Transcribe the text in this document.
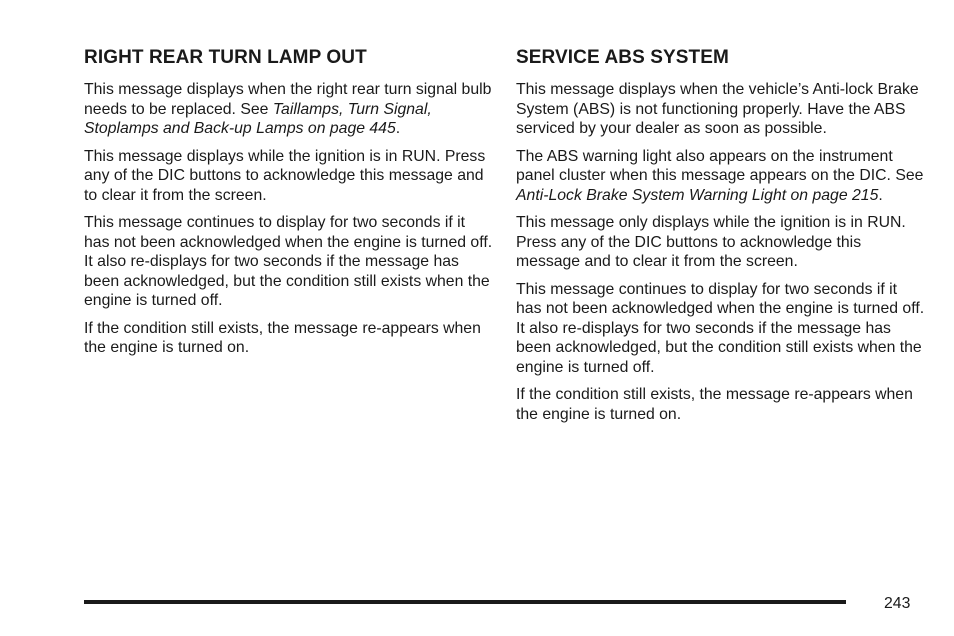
RIGHT REAR TURN LAMP OUT

This message displays when the right rear turn signal bulb needs to be replaced. See Taillamps, Turn Signal, Stoplamps and Back-up Lamps on page 445.

This message displays while the ignition is in RUN. Press any of the DIC buttons to acknowledge this message and to clear it from the screen.

This message continues to display for two seconds if it has not been acknowledged when the engine is turned off. It also re-displays for two seconds if the message has been acknowledged, but the condition still exists when the engine is turned off.

If the condition still exists, the message re-appears when the engine is turned on.

SERVICE ABS SYSTEM

This message displays when the vehicle’s Anti-lock Brake System (ABS) is not functioning properly. Have the ABS serviced by your dealer as soon as possible.

The ABS warning light also appears on the instrument panel cluster when this message appears on the DIC. See Anti-Lock Brake System Warning Light on page 215.

This message only displays while the ignition is in RUN. Press any of the DIC buttons to acknowledge this message and to clear it from the screen.

This message continues to display for two seconds if it has not been acknowledged when the engine is turned off. It also re-displays for two seconds if the message has been acknowledged, but the condition still exists when the engine is turned off.

If the condition still exists, the message re-appears when the engine is turned on.

243
